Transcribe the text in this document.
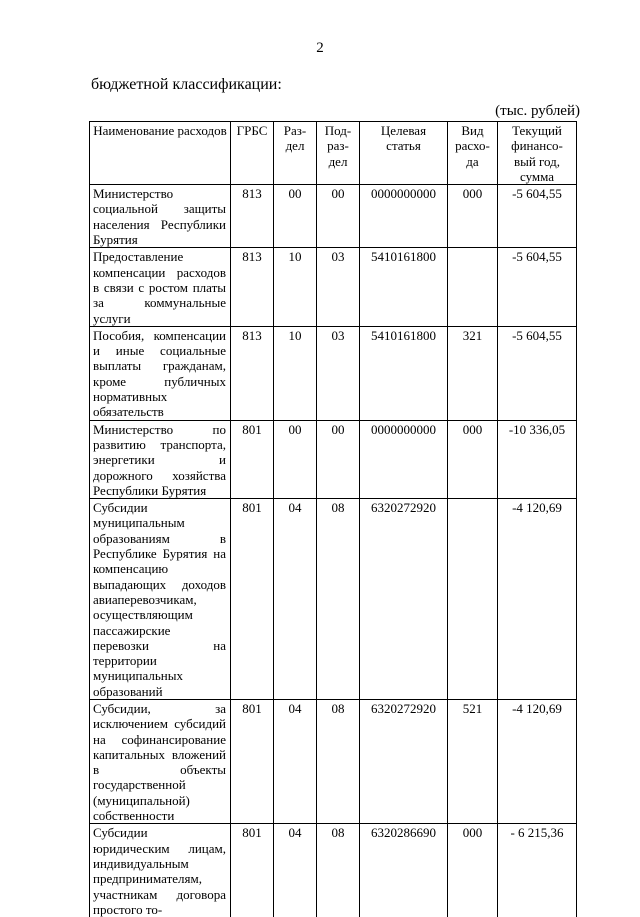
2
бюджетной классификации:
(тыс. рублей)
Наименование расходов	ГРБС	Раз-дел	Под-раз-дел	Целевая статья	Вид расхо-да	Текущий финансо-вый год, сумма
Министерство социальной защиты населения Республики Бурятия	813	00	00	0000000000	000	-5 604,55
Предоставление компенсации расходов в связи с ростом платы за коммунальные услуги	813	10	03	5410161800		-5 604,55
Пособия, компенсации и иные социальные выплаты гражданам, кроме публичных нормативных обязательств	813	10	03	5410161800	321	-5 604,55
Министерство по развитию транспорта, энергетики и дорожного хозяйства Республики Бурятия	801	00	00	0000000000	000	-10 336,05
Субсидии муниципальным образованиям в Республике Бурятия на компенсацию выпадающих доходов авиаперевозчикам, осуществляющим пассажирские перевозки на территории муниципальных образований	801	04	08	6320272920		-4 120,69
Субсидии, за исключением субсидий на софинансирование капитальных вложений в объекты государственной (муниципальной) собственности	801	04	08	6320272920	521	-4 120,69
Субсидии юридическим лицам, индивидуальным предпринимателям, участникам договора простого то-	801	04	08	6320286690	000	- 6 215,36
